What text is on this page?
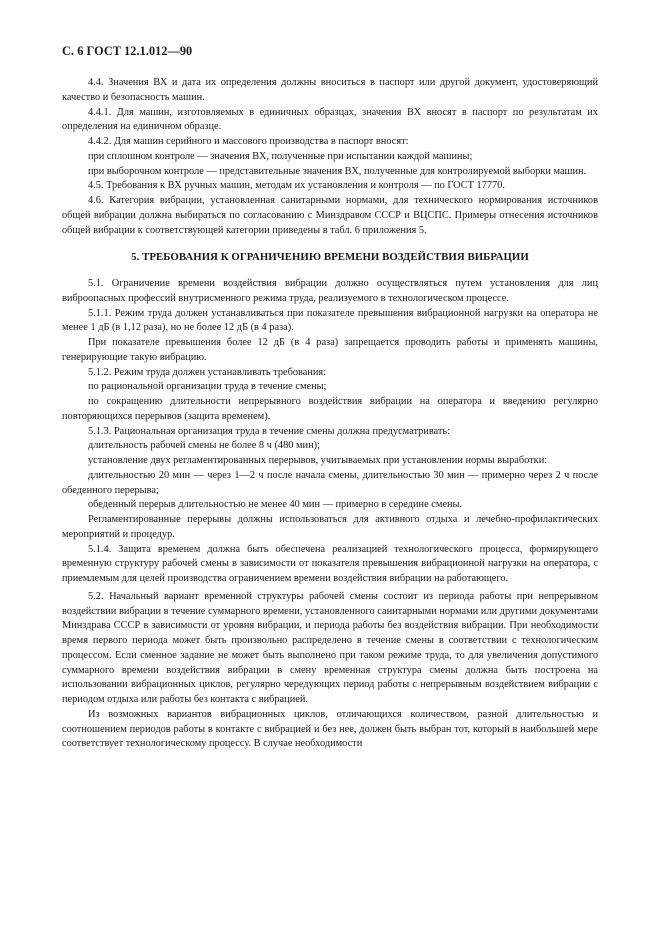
С. 6 ГОСТ 12.1.012—90

4.4. Значения ВХ и дата их определения должны вноситься в паспорт или другой документ, удостоверяющий качество и безопасность машин.

4.4.1. Для машин, изготовляемых в единичных образцах, значения ВХ вносят в паспорт по результатам их определения на единичном образце.

4.4.2. Для машин серийного и массового производства в паспорт вносят:

при сплошном контроле — значения ВХ, полученные при испытании каждой машины;

при выборочном контроле — представительные значения ВХ, полученные для контролируемой выборки машин.

4.5. Требования к ВХ ручных машин, методам их установления и контроля — по ГОСТ 17770.

4.6. Категория вибрации, установленная санитарными нормами, для технического нормирования источников общей вибрации должна выбираться по согласованию с Минздравом СССР и ВЦСПС. Примеры отнесения источников общей вибрации к соответствующей категории приведены в табл. 6 приложения 5.

5. ТРЕБОВАНИЯ К ОГРАНИЧЕНИЮ ВРЕМЕНИ ВОЗДЕЙСТВИЯ ВИБРАЦИИ

5.1. Ограничение времени воздействия вибрации должно осуществляться путем установления для лиц виброопасных профессий внутрисменного режима труда, реализуемого в технологическом процессе.

5.1.1. Режим труда должен устанавливаться при показателе превышения вибрационной нагрузки на оператора не менее 1 дБ (в 1,12 раза), но не более 12 дБ (в 4 раза).

При показателе превышения более 12 дБ (в 4 раза) запрещается проводить работы и применять машины, генерирующие такую вибрацию.

5.1.2. Режим труда должен устанавливать требования:

по рациональной организации труда в течение смены;

по сокращению длительности непрерывного воздействия вибрации на оператора и введению регулярно повторяющихся перерывов (защита временем).

5.1.3. Рациональная организация труда в течение смены должна предусматривать:

длительность рабочей смены не более 8 ч (480 мин);

установление двух регламентированных перерывов, учитываемых при установлении нормы выработки:

длительностью 20 мин — через 1—2 ч после начала смены, длительностью 30 мин — примерно через 2 ч после обеденного перерыва;

обеденный перерыв длительностью не менее 40 мин — примерно в середине смены.

Регламентированные перерывы должны использоваться для активного отдыха и лечебно-профилактических мероприятий и процедур.

5.1.4. Защита временем должна быть обеспечена реализацией технологического процесса, формирующего временную структуру рабочей смены в зависимости от показателя превышения вибрационной нагрузки на оператора, с приемлемым для целей производства ограничением времени воздействия вибрации на работающего.

5.2. Начальный вариант временной структуры рабочей смены состоит из периода работы при непрерывном воздействии вибрации в течение суммарного времени, установленного санитарными нормами или другими документами Минздрава СССР в зависимости от уровня вибрации, и периода работы без воздействия вибрации. При необходимости время первого периода может быть произвольно распределено в течение смены в соответствии с технологическим процессом. Если сменное задание не может быть выполнено при таком режиме труда, то для увеличения допустимого суммарного времени воздействия вибрации в смену временная структура смены должна быть построена на использовании вибрационных циклов, регулярно чередующих период работы с непрерывным воздействием вибрации с периодом отдыха или работы без контакта с вибрацией.

Из возможных вариантов вибрационных циклов, отличающихся количеством, разной длительностью и соотношением периодов работы в контакте с вибрацией и без нее, должен быть выбран тот, который в наибольшей мере соответствует технологическому процессу. В случае необходимости
